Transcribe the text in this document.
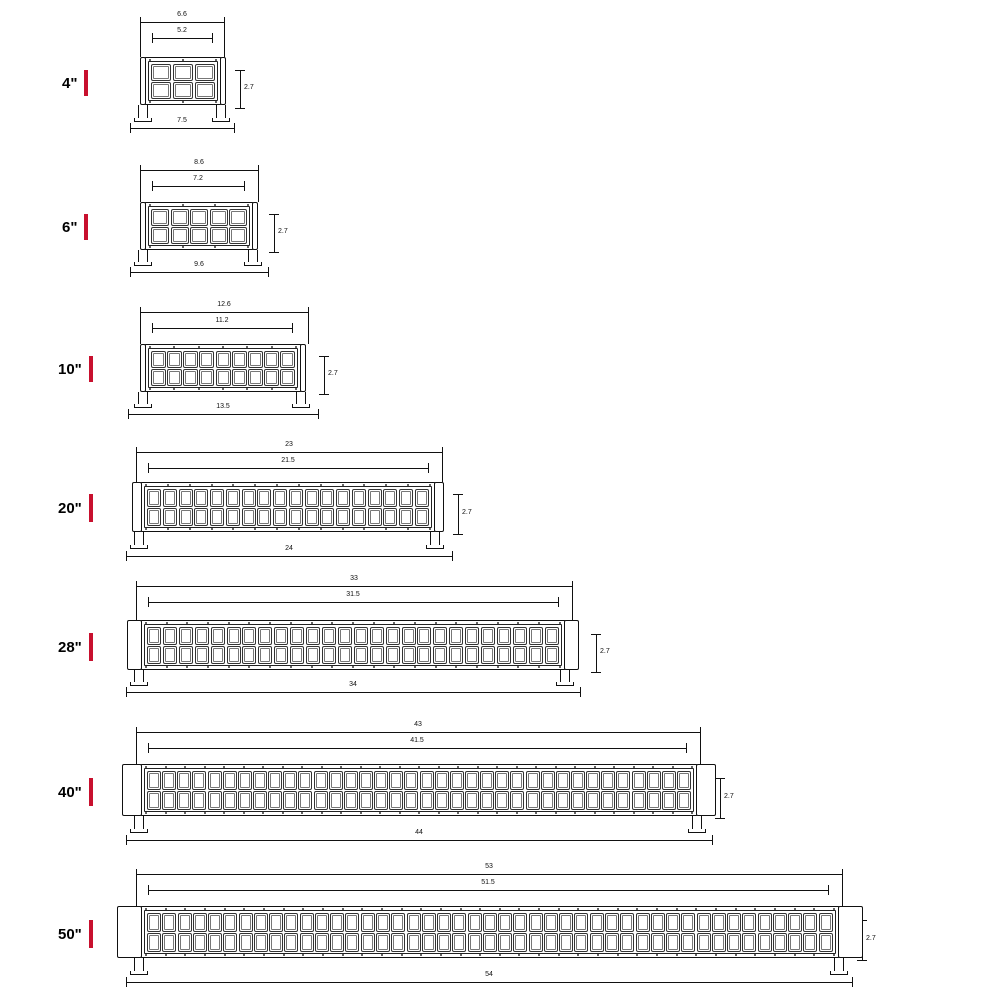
4"
6.6
5.2
7.5
2.7
6"
8.6
7.2
9.6
2.7
10"
12.6
11.2
13.5
2.7
20"
23
21.5
24
2.7
28"
33
31.5
34
2.7
40"
43
41.5
44
2.7
50"
53
51.5
54
2.7
